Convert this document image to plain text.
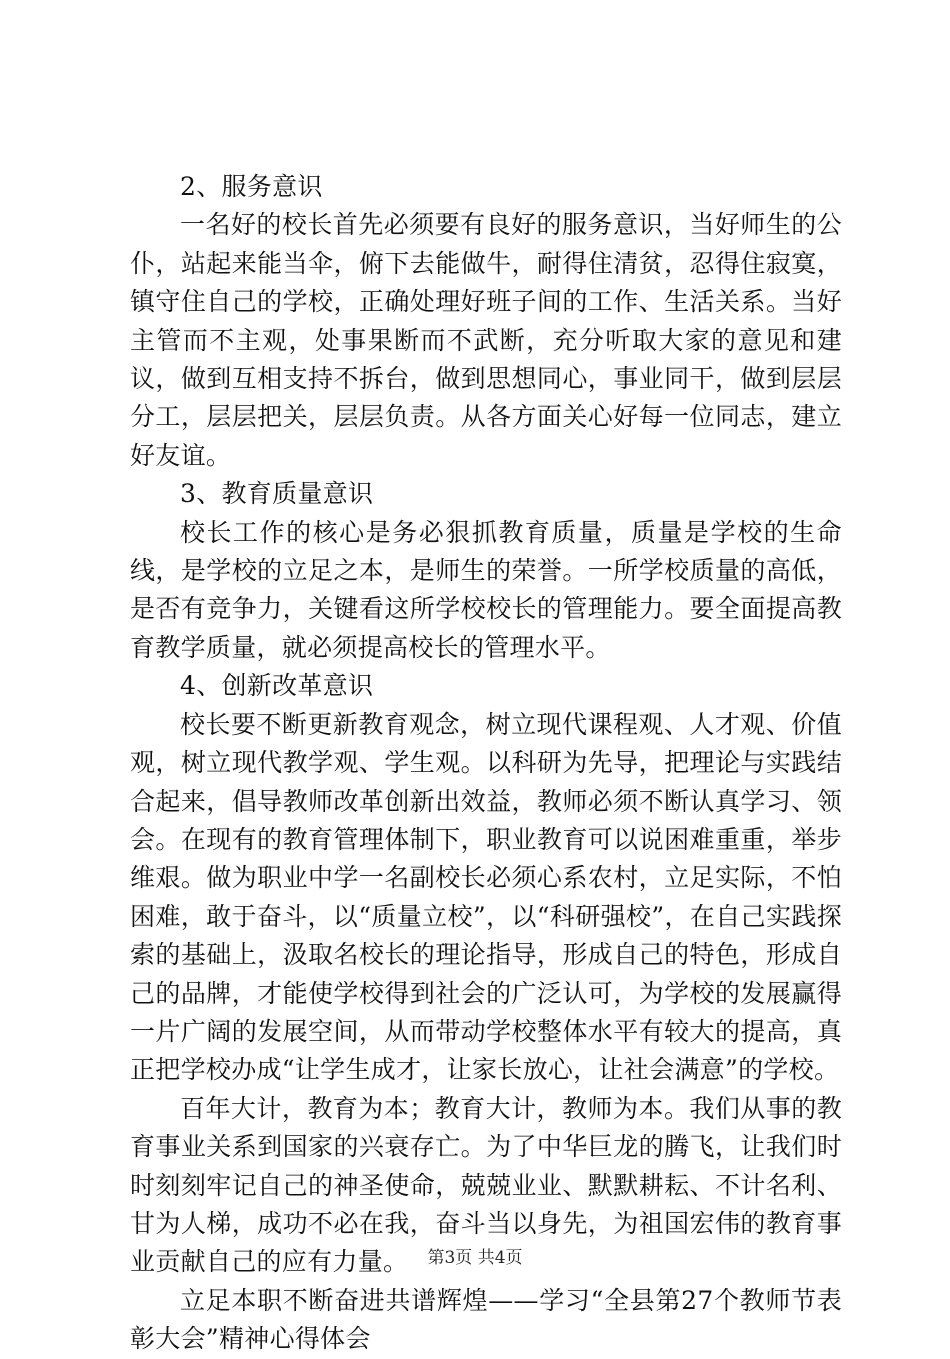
2、服务意识

一名好的校长首先必须要有良好的服务意识，当好师生的公仆，站起来能当伞，俯下去能做牛，耐得住清贫，忍得住寂寞，镇守住自己的学校，正确处理好班子间的工作、生活关系。当好主管而不主观，处事果断而不武断，充分听取大家的意见和建议，做到互相支持不拆台，做到思想同心，事业同干，做到层层分工，层层把关，层层负责。从各方面关心好每一位同志，建立好友谊。

3、教育质量意识

校长工作的核心是务必狠抓教育质量，质量是学校的生命线，是学校的立足之本，是师生的荣誉。一所学校质量的高低，是否有竞争力，关键看这所学校校长的管理能力。要全面提高教育教学质量，就必须提高校长的管理水平。

4、创新改革意识

校长要不断更新教育观念，树立现代课程观、人才观、价值观，树立现代教学观、学生观。以科研为先导，把理论与实践结合起来，倡导教师改革创新出效益，教师必须不断认真学习、领会。在现有的教育管理体制下，职业教育可以说困难重重，举步维艰。做为职业中学一名副校长必须心系农村，立足实际，不怕困难，敢于奋斗，以“质量立校”，以“科研强校”，在自己实践探索的基础上，汲取名校长的理论指导，形成自己的特色，形成自己的品牌，才能使学校得到社会的广泛认可，为学校的发展赢得一片广阔的发展空间，从而带动学校整体水平有较大的提高，真正把学校办成“让学生成才，让家长放心，让社会满意”的学校。

百年大计，教育为本；教育大计，教师为本。我们从事的教育事业关系到国家的兴衰存亡。为了中华巨龙的腾飞，让我们时时刻刻牢记自己的神圣使命，兢兢业业、默默耕耘、不计名利、甘为人梯，成功不必在我，奋斗当以身先，为祖国宏伟的教育事业贡献自己的应有力量。

立足本职不断奋进共谱辉煌——学习“全县第27个教师节表彰大会”精神心得体会

第3页 共4页
